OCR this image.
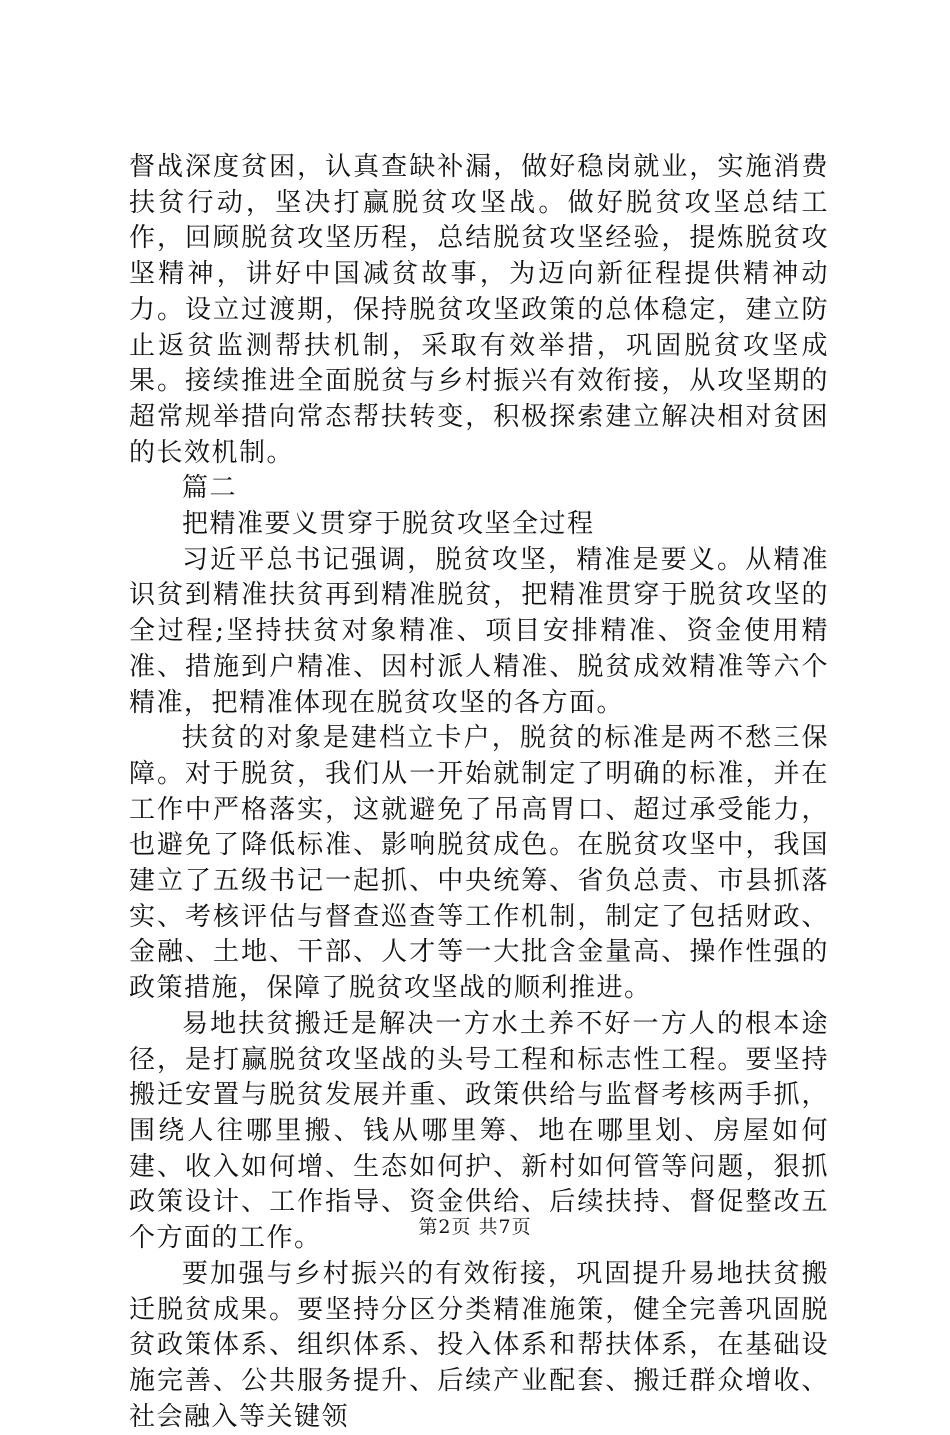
督战深度贫困，认真查缺补漏，做好稳岗就业，实施消费扶贫行动，坚决打赢脱贫攻坚战。做好脱贫攻坚总结工作，回顾脱贫攻坚历程，总结脱贫攻坚经验，提炼脱贫攻坚精神，讲好中国减贫故事，为迈向新征程提供精神动力。设立过渡期，保持脱贫攻坚政策的总体稳定，建立防止返贫监测帮扶机制，采取有效举措，巩固脱贫攻坚成果。接续推进全面脱贫与乡村振兴有效衔接，从攻坚期的超常规举措向常态帮扶转变，积极探索建立解决相对贫困的长效机制。

篇二

把精准要义贯穿于脱贫攻坚全过程

习近平总书记强调，脱贫攻坚，精准是要义。从精准识贫到精准扶贫再到精准脱贫，把精准贯穿于脱贫攻坚的全过程;坚持扶贫对象精准、项目安排精准、资金使用精准、措施到户精准、因村派人精准、脱贫成效精准等六个精准，把精准体现在脱贫攻坚的各方面。

扶贫的对象是建档立卡户，脱贫的标准是两不愁三保障。对于脱贫，我们从一开始就制定了明确的标准，并在工作中严格落实，这就避免了吊高胃口、超过承受能力，也避免了降低标准、影响脱贫成色。在脱贫攻坚中，我国建立了五级书记一起抓、中央统筹、省负总责、市县抓落实、考核评估与督查巡查等工作机制，制定了包括财政、金融、土地、干部、人才等一大批含金量高、操作性强的政策措施，保障了脱贫攻坚战的顺利推进。

易地扶贫搬迁是解决一方水土养不好一方人的根本途径，是打赢脱贫攻坚战的头号工程和标志性工程。要坚持搬迁安置与脱贫发展并重、政策供给与监督考核两手抓，围绕人往哪里搬、钱从哪里筹、地在哪里划、房屋如何建、收入如何增、生态如何护、新村如何管等问题，狠抓政策设计、工作指导、资金供给、后续扶持、督促整改五个方面的工作。

要加强与乡村振兴的有效衔接，巩固提升易地扶贫搬迁脱贫成果。要坚持分区分类精准施策，健全完善巩固脱贫政策体系、组织体系、投入体系和帮扶体系，在基础设施完善、公共服务提升、后续产业配套、搬迁群众增收、社会融入等关键领

第2页 共7页
